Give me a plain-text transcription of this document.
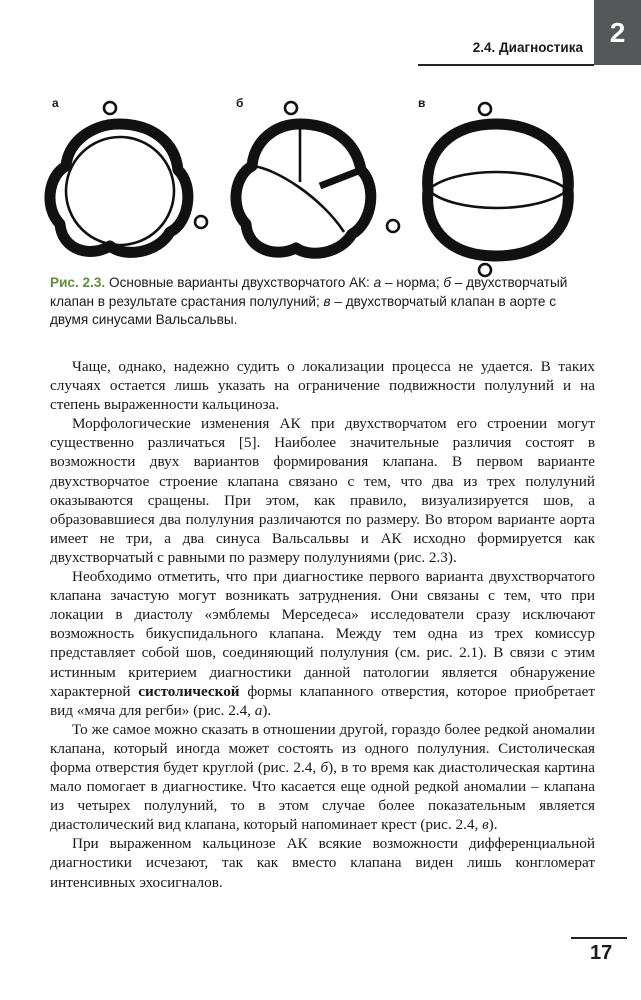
2.4. Диагностика 2
а	б	в
Рис. 2.3. Основные варианты двухстворчатого АК: а – норма; б – двухстворчатый клапан в результате срастания полулуний; в – двухстворчатый клапан в аорте с двумя синусами Вальсальвы.

Чаще, однако, надежно судить о локализации процесса не удается. В таких случаях остается лишь указать на ограничение подвижности полулуний и на степень выраженности кальциноза.

Морфологические изменения АК при двухстворчатом его строении могут существенно различаться [5]. Наиболее значительные различия состоят в возможности двух вариантов формирования клапана. В первом варианте двухстворчатое строение клапана связано с тем, что два из трех полулуний оказываются сращены. При этом, как правило, визуализируется шов, а образовавшиеся два полулуния различаются по размеру. Во втором варианте аорта имеет не три, а два синуса Вальсальвы и АК исходно формируется как двухстворчатый с равными по размеру полулуниями (рис. 2.3).

Необходимо отметить, что при диагностике первого варианта двухстворчатого клапана зачастую могут возникать затруднения. Они связаны с тем, что при локации в диастолу «эмблемы Мерседеса» исследователи сразу исключают возможность бикуспидального клапана. Между тем одна из трех комиссур представляет собой шов, соединяющий полулуния (см. рис. 2.1). В связи с этим истинным критерием диагностики данной патологии является обнаружение характерной систолической формы клапанного отверстия, которое приобретает вид «мяча для регби» (рис. 2.4, а).

То же самое можно сказать в отношении другой, гораздо более редкой аномалии клапана, который иногда может состоять из одного полулуния. Систолическая форма отверстия будет круглой (рис. 2.4, б), в то время как диастолическая картина мало помогает в диагностике. Что касается еще одной редкой аномалии – клапана из четырех полулуний, то в этом случае более показательным является диастолический вид клапана, который напоминает крест (рис. 2.4, в).

При выраженном кальцинозе АК всякие возможности дифференциальной диагностики исчезают, так как вместо клапана виден лишь конгломерат интенсивных эхосигналов.

17
